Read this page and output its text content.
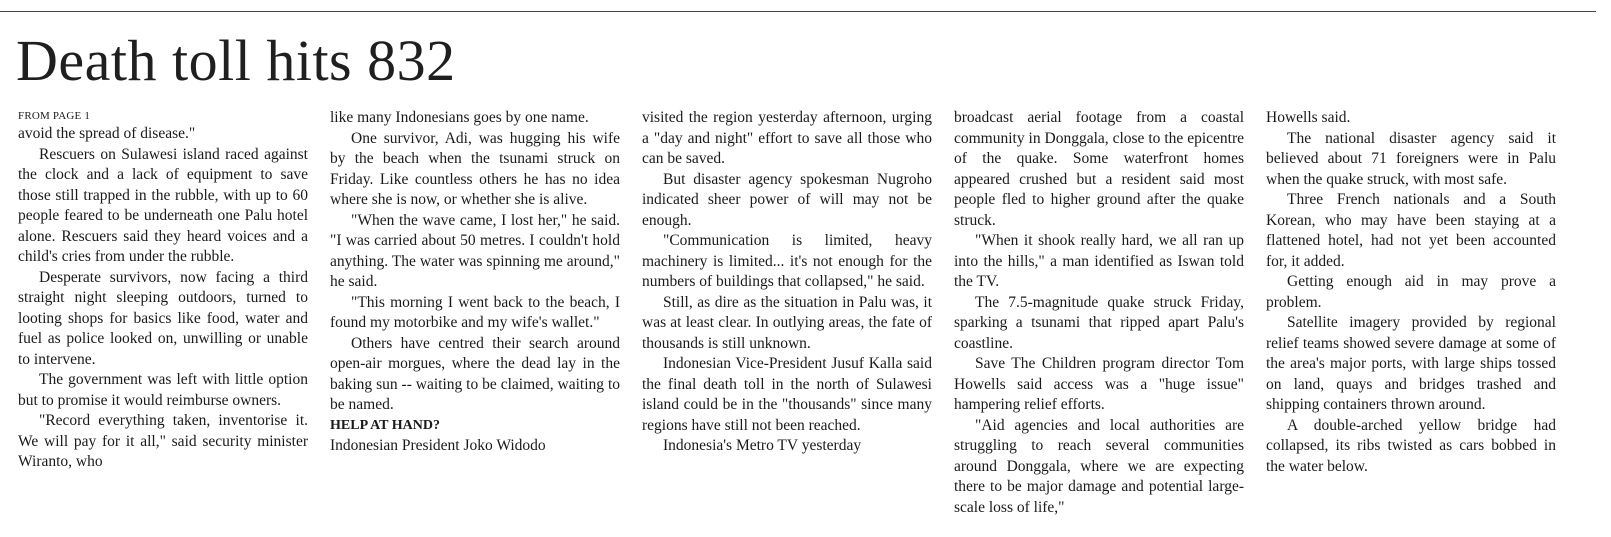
Death toll hits 832
FROM PAGE 1

avoid the spread of disease."

Rescuers on Sulawesi island raced against the clock and a lack of equipment to save those still trapped in the rubble, with up to 60 people feared to be underneath one Palu hotel alone. Rescuers said they heard voices and a child's cries from under the rubble.

Desperate survivors, now facing a third straight night sleeping outdoors, turned to looting shops for basics like food, water and fuel as police looked on, unwilling or unable to intervene.

The government was left with little option but to promise it would reimburse owners.

"Record everything taken, inventorise it. We will pay for it all," said security minister Wiranto, who

like many Indonesians goes by one name.

One survivor, Adi, was hugging his wife by the beach when the tsunami struck on Friday. Like countless others he has no idea where she is now, or whether she is alive.

"When the wave came, I lost her," he said. "I was carried about 50 metres. I couldn't hold anything. The water was spinning me around," he said.

"This morning I went back to the beach, I found my motorbike and my wife's wallet."

Others have centred their search around open-air morgues, where the dead lay in the baking sun -- waiting to be claimed, waiting to be named.

HELP AT HAND?

Indonesian President Joko Widodo

visited the region yesterday afternoon, urging a "day and night" effort to save all those who can be saved.

But disaster agency spokesman Nugroho indicated sheer power of will may not be enough.

"Communication is limited, heavy machinery is limited... it's not enough for the numbers of buildings that collapsed," he said.

Still, as dire as the situation in Palu was, it was at least clear. In outlying areas, the fate of thousands is still unknown.

Indonesian Vice-President Jusuf Kalla said the final death toll in the north of Sulawesi island could be in the "thousands" since many regions have still not been reached.

Indonesia's Metro TV yesterday

broadcast aerial footage from a coastal community in Donggala, close to the epicentre of the quake. Some waterfront homes appeared crushed but a resident said most people fled to higher ground after the quake struck.

"When it shook really hard, we all ran up into the hills," a man identified as Iswan told the TV.

The 7.5-magnitude quake struck Friday, sparking a tsunami that ripped apart Palu's coastline.

Save The Children program director Tom Howells said access was a "huge issue" hampering relief efforts.

"Aid agencies and local authorities are struggling to reach several communities around Donggala, where we are expecting there to be major damage and potential large-scale loss of life,"

Howells said.

The national disaster agency said it believed about 71 foreigners were in Palu when the quake struck, with most safe.

Three French nationals and a South Korean, who may have been staying at a flattened hotel, had not yet been accounted for, it added.

Getting enough aid in may prove a problem.

Satellite imagery provided by regional relief teams showed severe damage at some of the area's major ports, with large ships tossed on land, quays and bridges trashed and shipping containers thrown around.

A double-arched yellow bridge had collapsed, its ribs twisted as cars bobbed in the water below.
